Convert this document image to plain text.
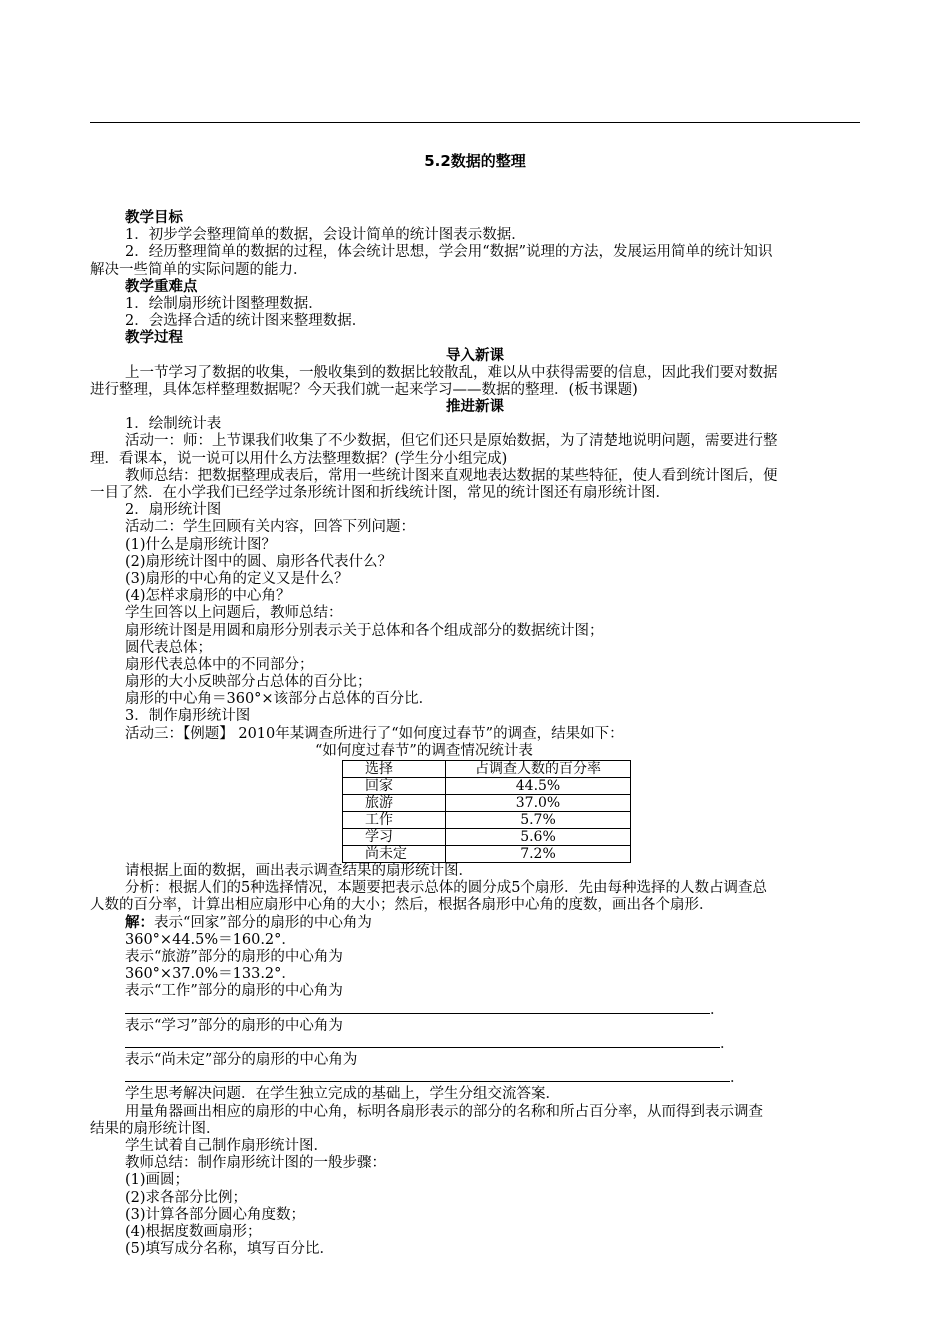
5.2数据的整理
教学目标
1．初步学会整理简单的数据，会设计简单的统计图表示数据．
2．经历整理简单的数据的过程，体会统计思想，学会用“数据”说理的方法，发展运用简单的统计知识
解决一些简单的实际问题的能力．
教学重难点
1．绘制扇形统计图整理数据．
2．会选择合适的统计图来整理数据．
教学过程
导入新课
上一节学习了数据的收集，一般收集到的数据比较散乱，难以从中获得需要的信息，因此我们要对数据
进行整理，具体怎样整理数据呢？今天我们就一起来学习——数据的整理．(板书课题)
推进新课
1．绘制统计表
活动一：师：上节课我们收集了不少数据，但它们还只是原始数据，为了清楚地说明问题，需要进行整
理．看课本，说一说可以用什么方法整理数据？(学生分小组完成)
教师总结：把数据整理成表后，常用一些统计图来直观地表达数据的某些特征，使人看到统计图后，便
一目了然．在小学我们已经学过条形统计图和折线统计图，常见的统计图还有扇形统计图．
2．扇形统计图
活动二：学生回顾有关内容，回答下列问题：
(1)什么是扇形统计图？
(2)扇形统计图中的圆、扇形各代表什么？
(3)扇形的中心角的定义又是什么？
(4)怎样求扇形的中心角？
学生回答以上问题后，教师总结：
扇形统计图是用圆和扇形分别表示关于总体和各个组成部分的数据统计图；
圆代表总体；
扇形代表总体中的不同部分；
扇形的大小反映部分占总体的百分比；
扇形的中心角＝360°×该部分占总体的百分比．
3．制作扇形统计图
活动三：【例题】 2010年某调查所进行了“如何度过春节”的调查，结果如下：
“如何度过春节”的调查情况统计表
选择	占调查人数的百分率
回家	44.5%
旅游	37.0%
工作	5.7%
学习	5.6%
尚未定	7.2%
请根据上面的数据，画出表示调查结果的扇形统计图．
分析：根据人们的5种选择情况，本题要把表示总体的圆分成5个扇形．先由每种选择的人数占调查总
人数的百分率，计算出相应扇形中心角的大小；然后，根据各扇形中心角的度数，画出各个扇形．
解：表示“回家”部分的扇形的中心角为
360°×44.5%＝160.2°．
表示“旅游”部分的扇形的中心角为
360°×37.0%＝133.2°．
表示“工作”部分的扇形的中心角为
．
表示“学习”部分的扇形的中心角为
．
表示“尚未定”部分的扇形的中心角为
．
学生思考解决问题．在学生独立完成的基础上，学生分组交流答案．
用量角器画出相应的扇形的中心角，标明各扇形表示的部分的名称和所占百分率，从而得到表示调查
结果的扇形统计图．
学生试着自己制作扇形统计图．
教师总结：制作扇形统计图的一般步骤：
(1)画圆；
(2)求各部分比例；
(3)计算各部分圆心角度数；
(4)根据度数画扇形；
(5)填写成分名称，填写百分比．
